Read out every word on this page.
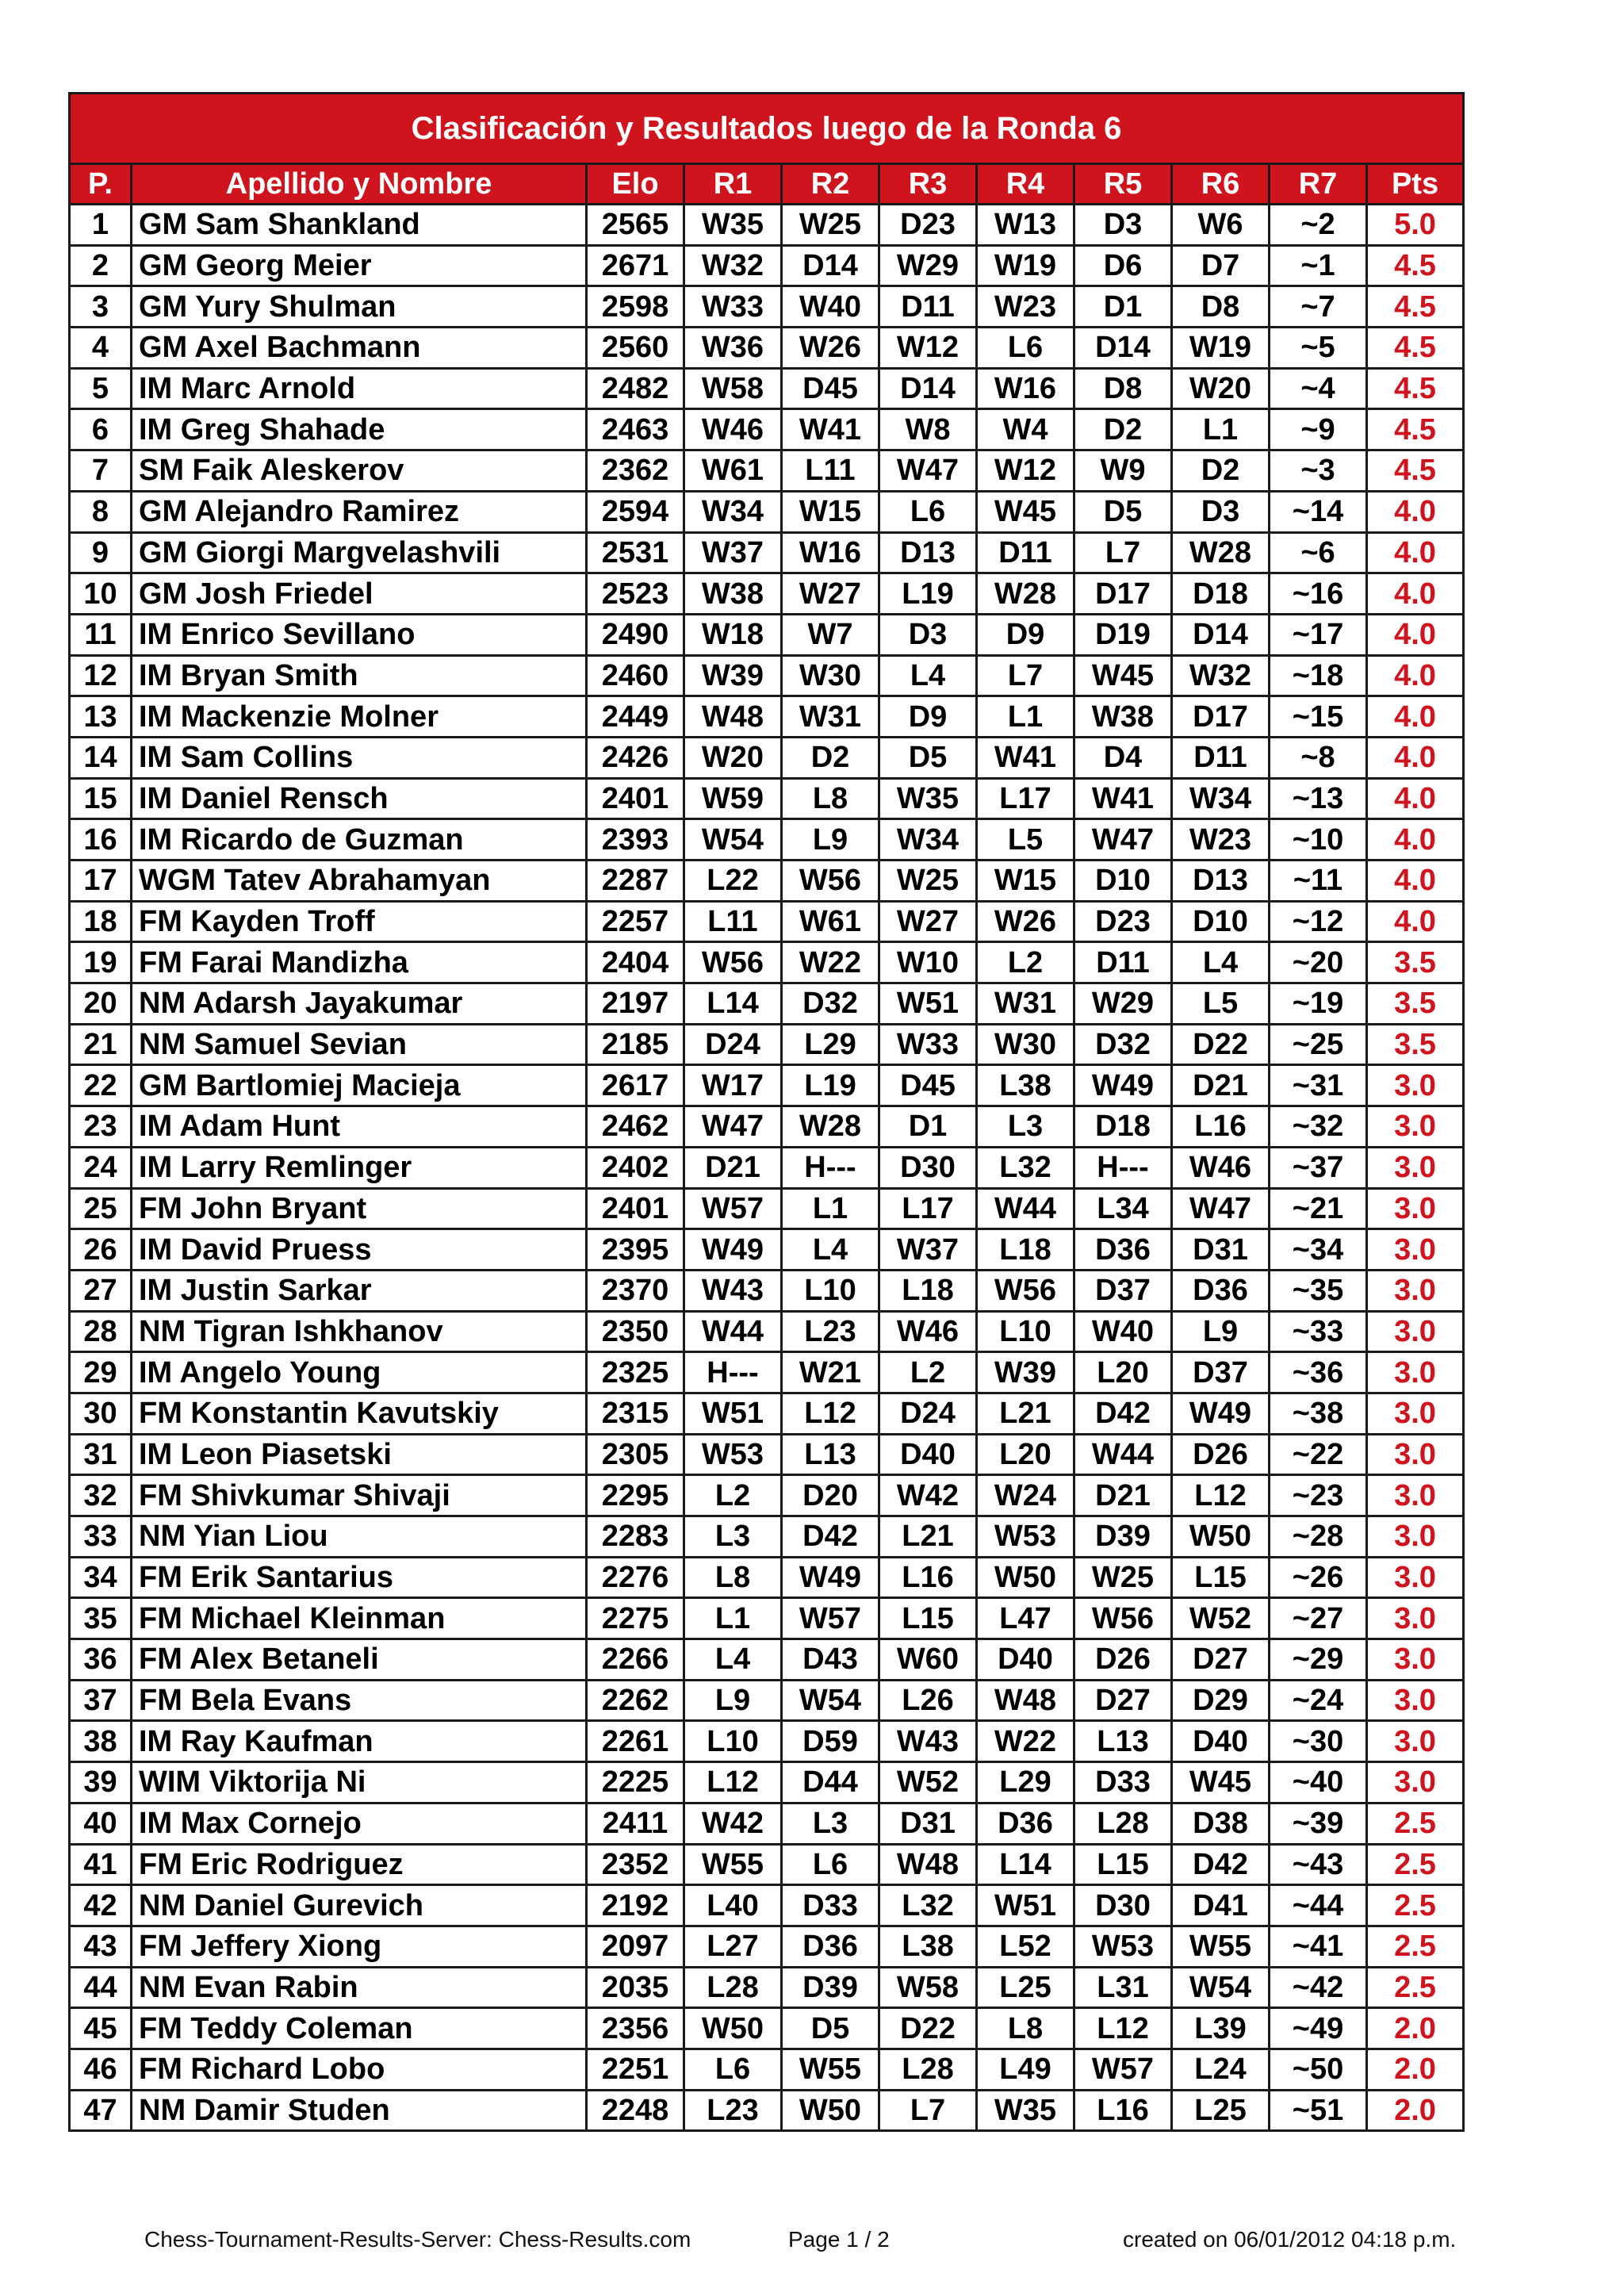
Clasificación y Resultados luego de la Ronda 6										
P.	Apellido y Nombre	Elo	R1	R2	R3	R4	R5	R6	R7	Pts
1	GM Sam Shankland	2565	W35	W25	D23	W13	D3	W6	~2	5.0
2	GM Georg Meier	2671	W32	D14	W29	W19	D6	D7	~1	4.5
3	GM Yury Shulman	2598	W33	W40	D11	W23	D1	D8	~7	4.5
4	GM Axel Bachmann	2560	W36	W26	W12	L6	D14	W19	~5	4.5
5	IM Marc Arnold	2482	W58	D45	D14	W16	D8	W20	~4	4.5
6	IM Greg Shahade	2463	W46	W41	W8	W4	D2	L1	~9	4.5
7	SM Faik Aleskerov	2362	W61	L11	W47	W12	W9	D2	~3	4.5
8	GM Alejandro Ramirez	2594	W34	W15	L6	W45	D5	D3	~14	4.0
9	GM Giorgi Margvelashvili	2531	W37	W16	D13	D11	L7	W28	~6	4.0
10	GM Josh Friedel	2523	W38	W27	L19	W28	D17	D18	~16	4.0
11	IM Enrico Sevillano	2490	W18	W7	D3	D9	D19	D14	~17	4.0
12	IM Bryan Smith	2460	W39	W30	L4	L7	W45	W32	~18	4.0
13	IM Mackenzie Molner	2449	W48	W31	D9	L1	W38	D17	~15	4.0
14	IM Sam Collins	2426	W20	D2	D5	W41	D4	D11	~8	4.0
15	IM Daniel Rensch	2401	W59	L8	W35	L17	W41	W34	~13	4.0
16	IM Ricardo de Guzman	2393	W54	L9	W34	L5	W47	W23	~10	4.0
17	WGM Tatev Abrahamyan	2287	L22	W56	W25	W15	D10	D13	~11	4.0
18	FM Kayden Troff	2257	L11	W61	W27	W26	D23	D10	~12	4.0
19	FM Farai Mandizha	2404	W56	W22	W10	L2	D11	L4	~20	3.5
20	NM Adarsh Jayakumar	2197	L14	D32	W51	W31	W29	L5	~19	3.5
21	NM Samuel Sevian	2185	D24	L29	W33	W30	D32	D22	~25	3.5
22	GM Bartlomiej Macieja	2617	W17	L19	D45	L38	W49	D21	~31	3.0
23	IM Adam Hunt	2462	W47	W28	D1	L3	D18	L16	~32	3.0
24	IM Larry Remlinger	2402	D21	H---	D30	L32	H---	W46	~37	3.0
25	FM John Bryant	2401	W57	L1	L17	W44	L34	W47	~21	3.0
26	IM David Pruess	2395	W49	L4	W37	L18	D36	D31	~34	3.0
27	IM Justin Sarkar	2370	W43	L10	L18	W56	D37	D36	~35	3.0
28	NM Tigran Ishkhanov	2350	W44	L23	W46	L10	W40	L9	~33	3.0
29	IM Angelo Young	2325	H---	W21	L2	W39	L20	D37	~36	3.0
30	FM Konstantin Kavutskiy	2315	W51	L12	D24	L21	D42	W49	~38	3.0
31	IM Leon Piasetski	2305	W53	L13	D40	L20	W44	D26	~22	3.0
32	FM Shivkumar Shivaji	2295	L2	D20	W42	W24	D21	L12	~23	3.0
33	NM Yian Liou	2283	L3	D42	L21	W53	D39	W50	~28	3.0
34	FM Erik Santarius	2276	L8	W49	L16	W50	W25	L15	~26	3.0
35	FM Michael Kleinman	2275	L1	W57	L15	L47	W56	W52	~27	3.0
36	FM Alex Betaneli	2266	L4	D43	W60	D40	D26	D27	~29	3.0
37	FM Bela Evans	2262	L9	W54	L26	W48	D27	D29	~24	3.0
38	IM Ray Kaufman	2261	L10	D59	W43	W22	L13	D40	~30	3.0
39	WIM Viktorija Ni	2225	L12	D44	W52	L29	D33	W45	~40	3.0
40	IM Max Cornejo	2411	W42	L3	D31	D36	L28	D38	~39	2.5
41	FM Eric Rodriguez	2352	W55	L6	W48	L14	L15	D42	~43	2.5
42	NM Daniel Gurevich	2192	L40	D33	L32	W51	D30	D41	~44	2.5
43	FM Jeffery Xiong	2097	L27	D36	L38	L52	W53	W55	~41	2.5
44	NM Evan Rabin	2035	L28	D39	W58	L25	L31	W54	~42	2.5
45	FM Teddy Coleman	2356	W50	D5	D22	L8	L12	L39	~49	2.0
46	FM Richard Lobo	2251	L6	W55	L28	L49	W57	L24	~50	2.0
47	NM Damir Studen	2248	L23	W50	L7	W35	L16	L25	~51	2.0
Chess-Tournament-Results-Server: Chess-Results.com	Page 1 / 2	created on 06/01/2012 04:18 p.m.
